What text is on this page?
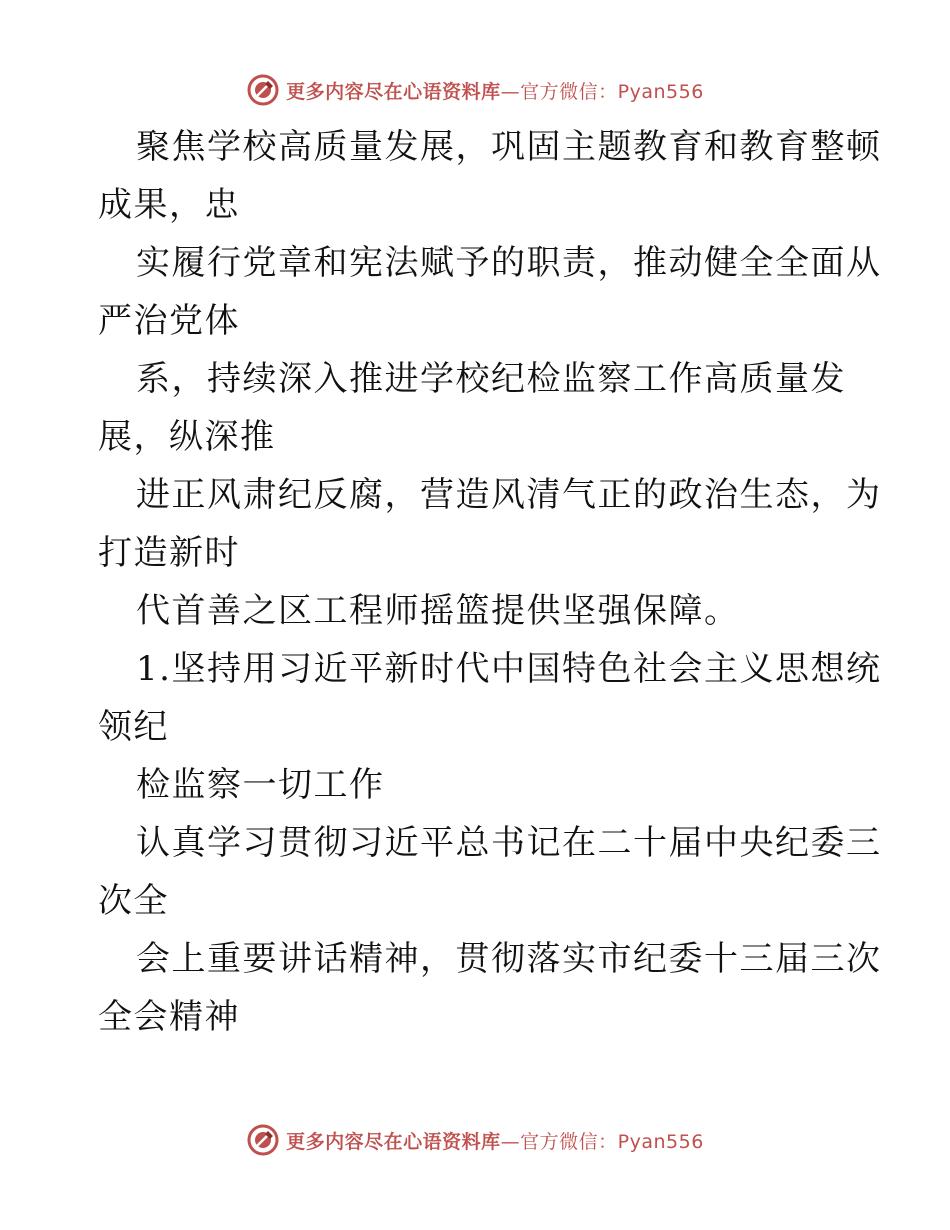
更多内容尽在心语资料库—官方微信：Pyan556
聚焦学校高质量发展，巩固主题教育和教育整顿
成果，忠
实履行党章和宪法赋予的职责，推动健全全面从
严治党体
系，持续深入推进学校纪检监察工作高质量发
展，纵深推
进正风肃纪反腐，营造风清气正的政治生态，为
打造新时
代首善之区工程师摇篮提供坚强保障。
1.坚持用习近平新时代中国特色社会主义思想统
领纪
检监察一切工作
认真学习贯彻习近平总书记在二十届中央纪委三
次全
会上重要讲话精神，贯彻落实市纪委十三届三次
全会精神
更多内容尽在心语资料库—官方微信：Pyan556
